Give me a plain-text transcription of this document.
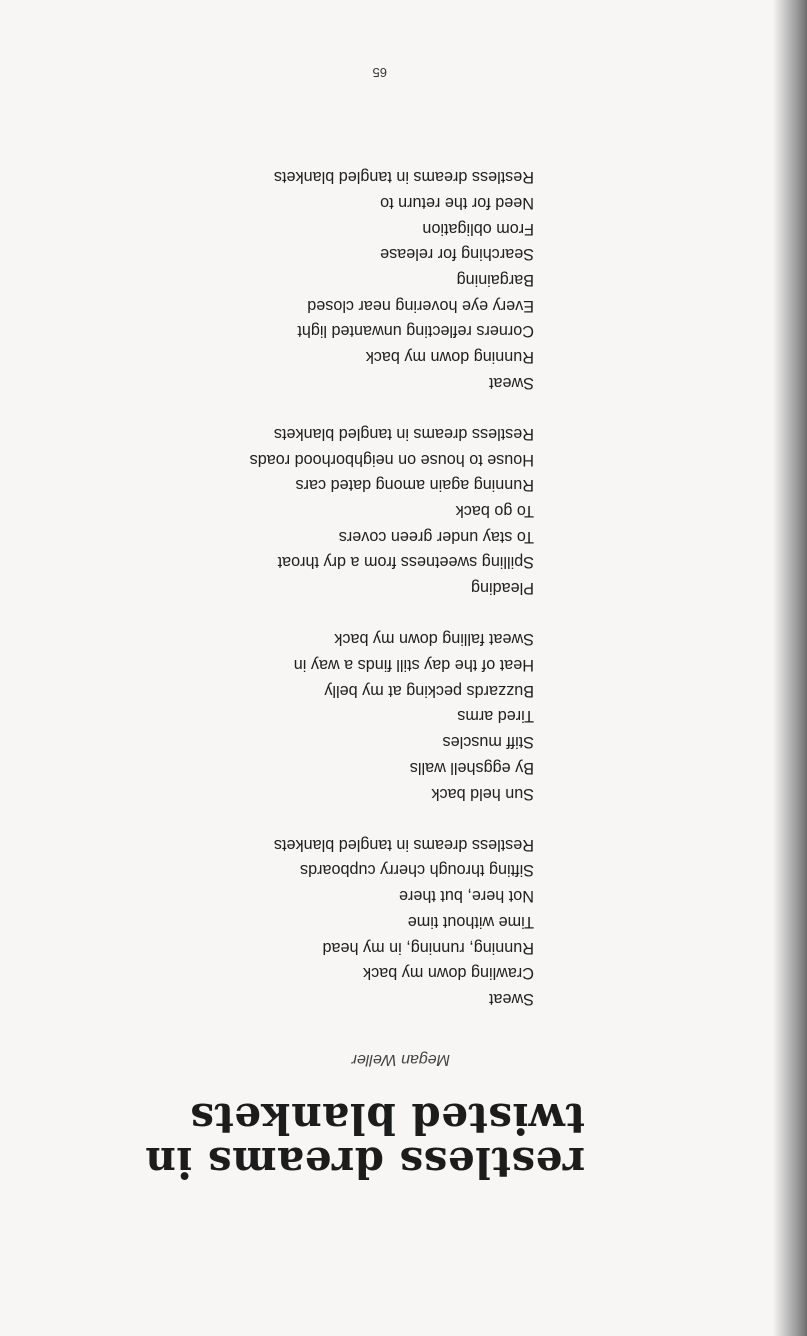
restless dreams in
twisted blankets
Megan Weller
Sweat
Crawling down my back
Running, running, in my head
Time without time
Not here, but there
Sifting through cherry cupboards
Restless dreams in tangled blankets
Sun held back
By eggshell walls
Stiff muscles
Tired arms
Buzzards pecking at my belly
Heat of the day still finds a way in
Sweat falling down my back
Pleading
Spilling sweetness from a dry throat
To stay under green covers
To go back
Running again among dated cars
House to house on neighborhood roads
Restless dreams in tangled blankets
Sweat
Running down my back
Corners reflecting unwanted light
Every eye hovering near closed
Bargaining
Searching for release
From obligation
Need for the return to
Restless dreams in tangled blankets
65
